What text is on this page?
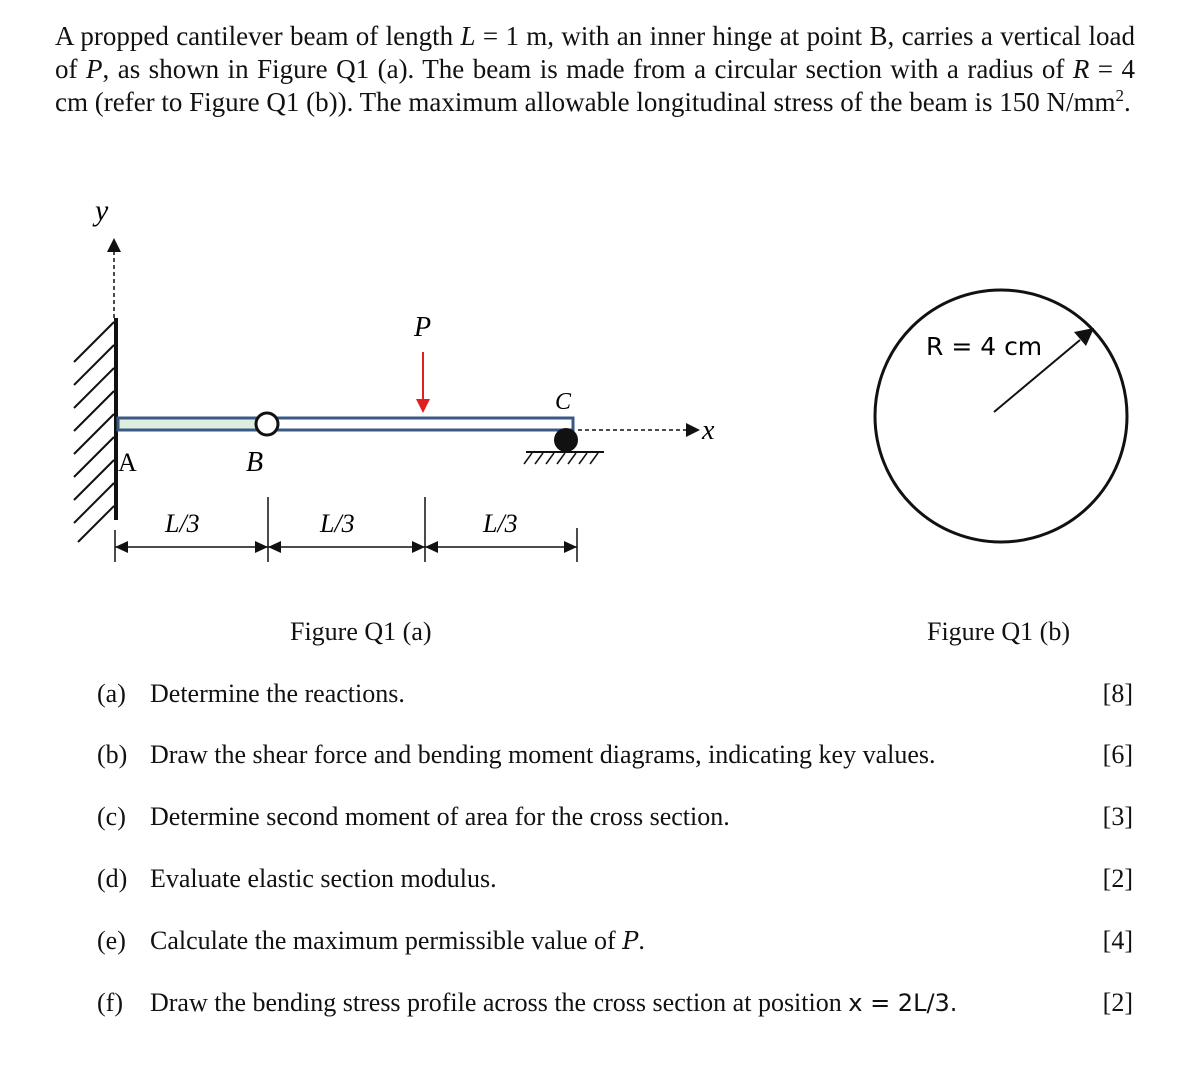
A propped cantilever beam of length L = 1 m, with an inner hinge at point B, carries a vertical load of P, as shown in Figure Q1 (a). The beam is made from a circular section with a radius of R = 4 cm (refer to Figure Q1 (b)). The maximum allowable longitudinal stress of the beam is 150 $N/mm^2$.
y
x
P
A	B
C
L/3	L/3	L/3
R = 4 cm
Figure Q1 (a)	Figure Q1 (b)
(a) Determine the reactions.	[8]
(b) Draw the shear force and bending moment diagrams, indicating key values.	[6]
(c) Determine second moment of area for the cross section.	[3]
(d) Evaluate elastic section modulus.	[2]
(e) Calculate the maximum permissible value of P.	[4]
(f) Draw the bending stress profile across the cross section at position x = 2L/3.	[2]
